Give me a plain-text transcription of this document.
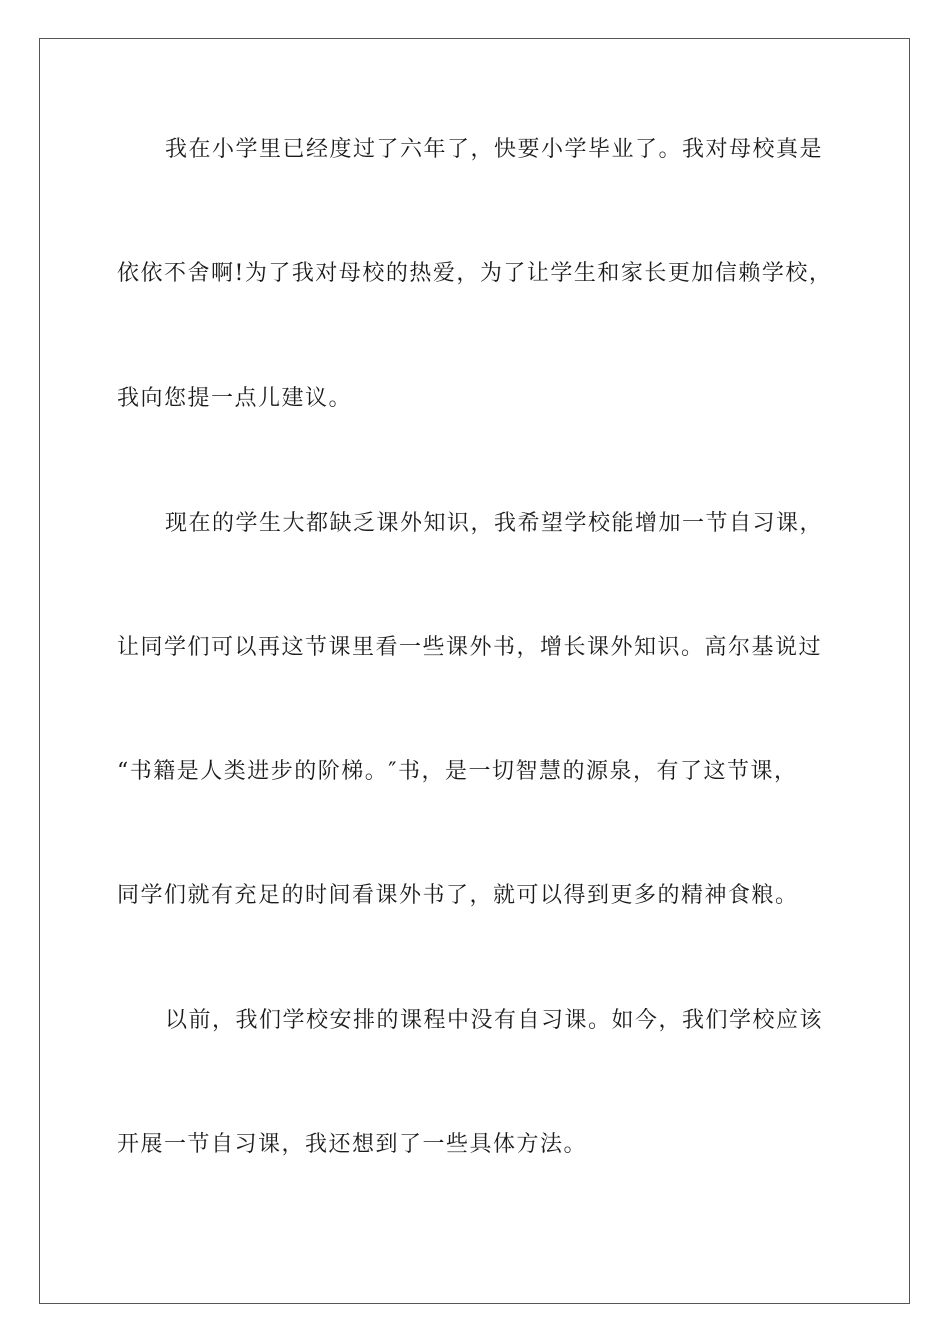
我在小学里已经度过了六年了，快要小学毕业了。我对母校真是
依依不舍啊!为了我对母校的热爱，为了让学生和家长更加信赖学校，
我向您提一点儿建议。
现在的学生大都缺乏课外知识，我希望学校能增加一节自习课，
让同学们可以再这节课里看一些课外书，增长课外知识。高尔基说过
“书籍是人类进步的阶梯。″书，是一切智慧的源泉，有了这节课，
同学们就有充足的时间看课外书了，就可以得到更多的精神食粮。
以前，我们学校安排的课程中没有自习课。如今，我们学校应该
开展一节自习课，我还想到了一些具体方法。
